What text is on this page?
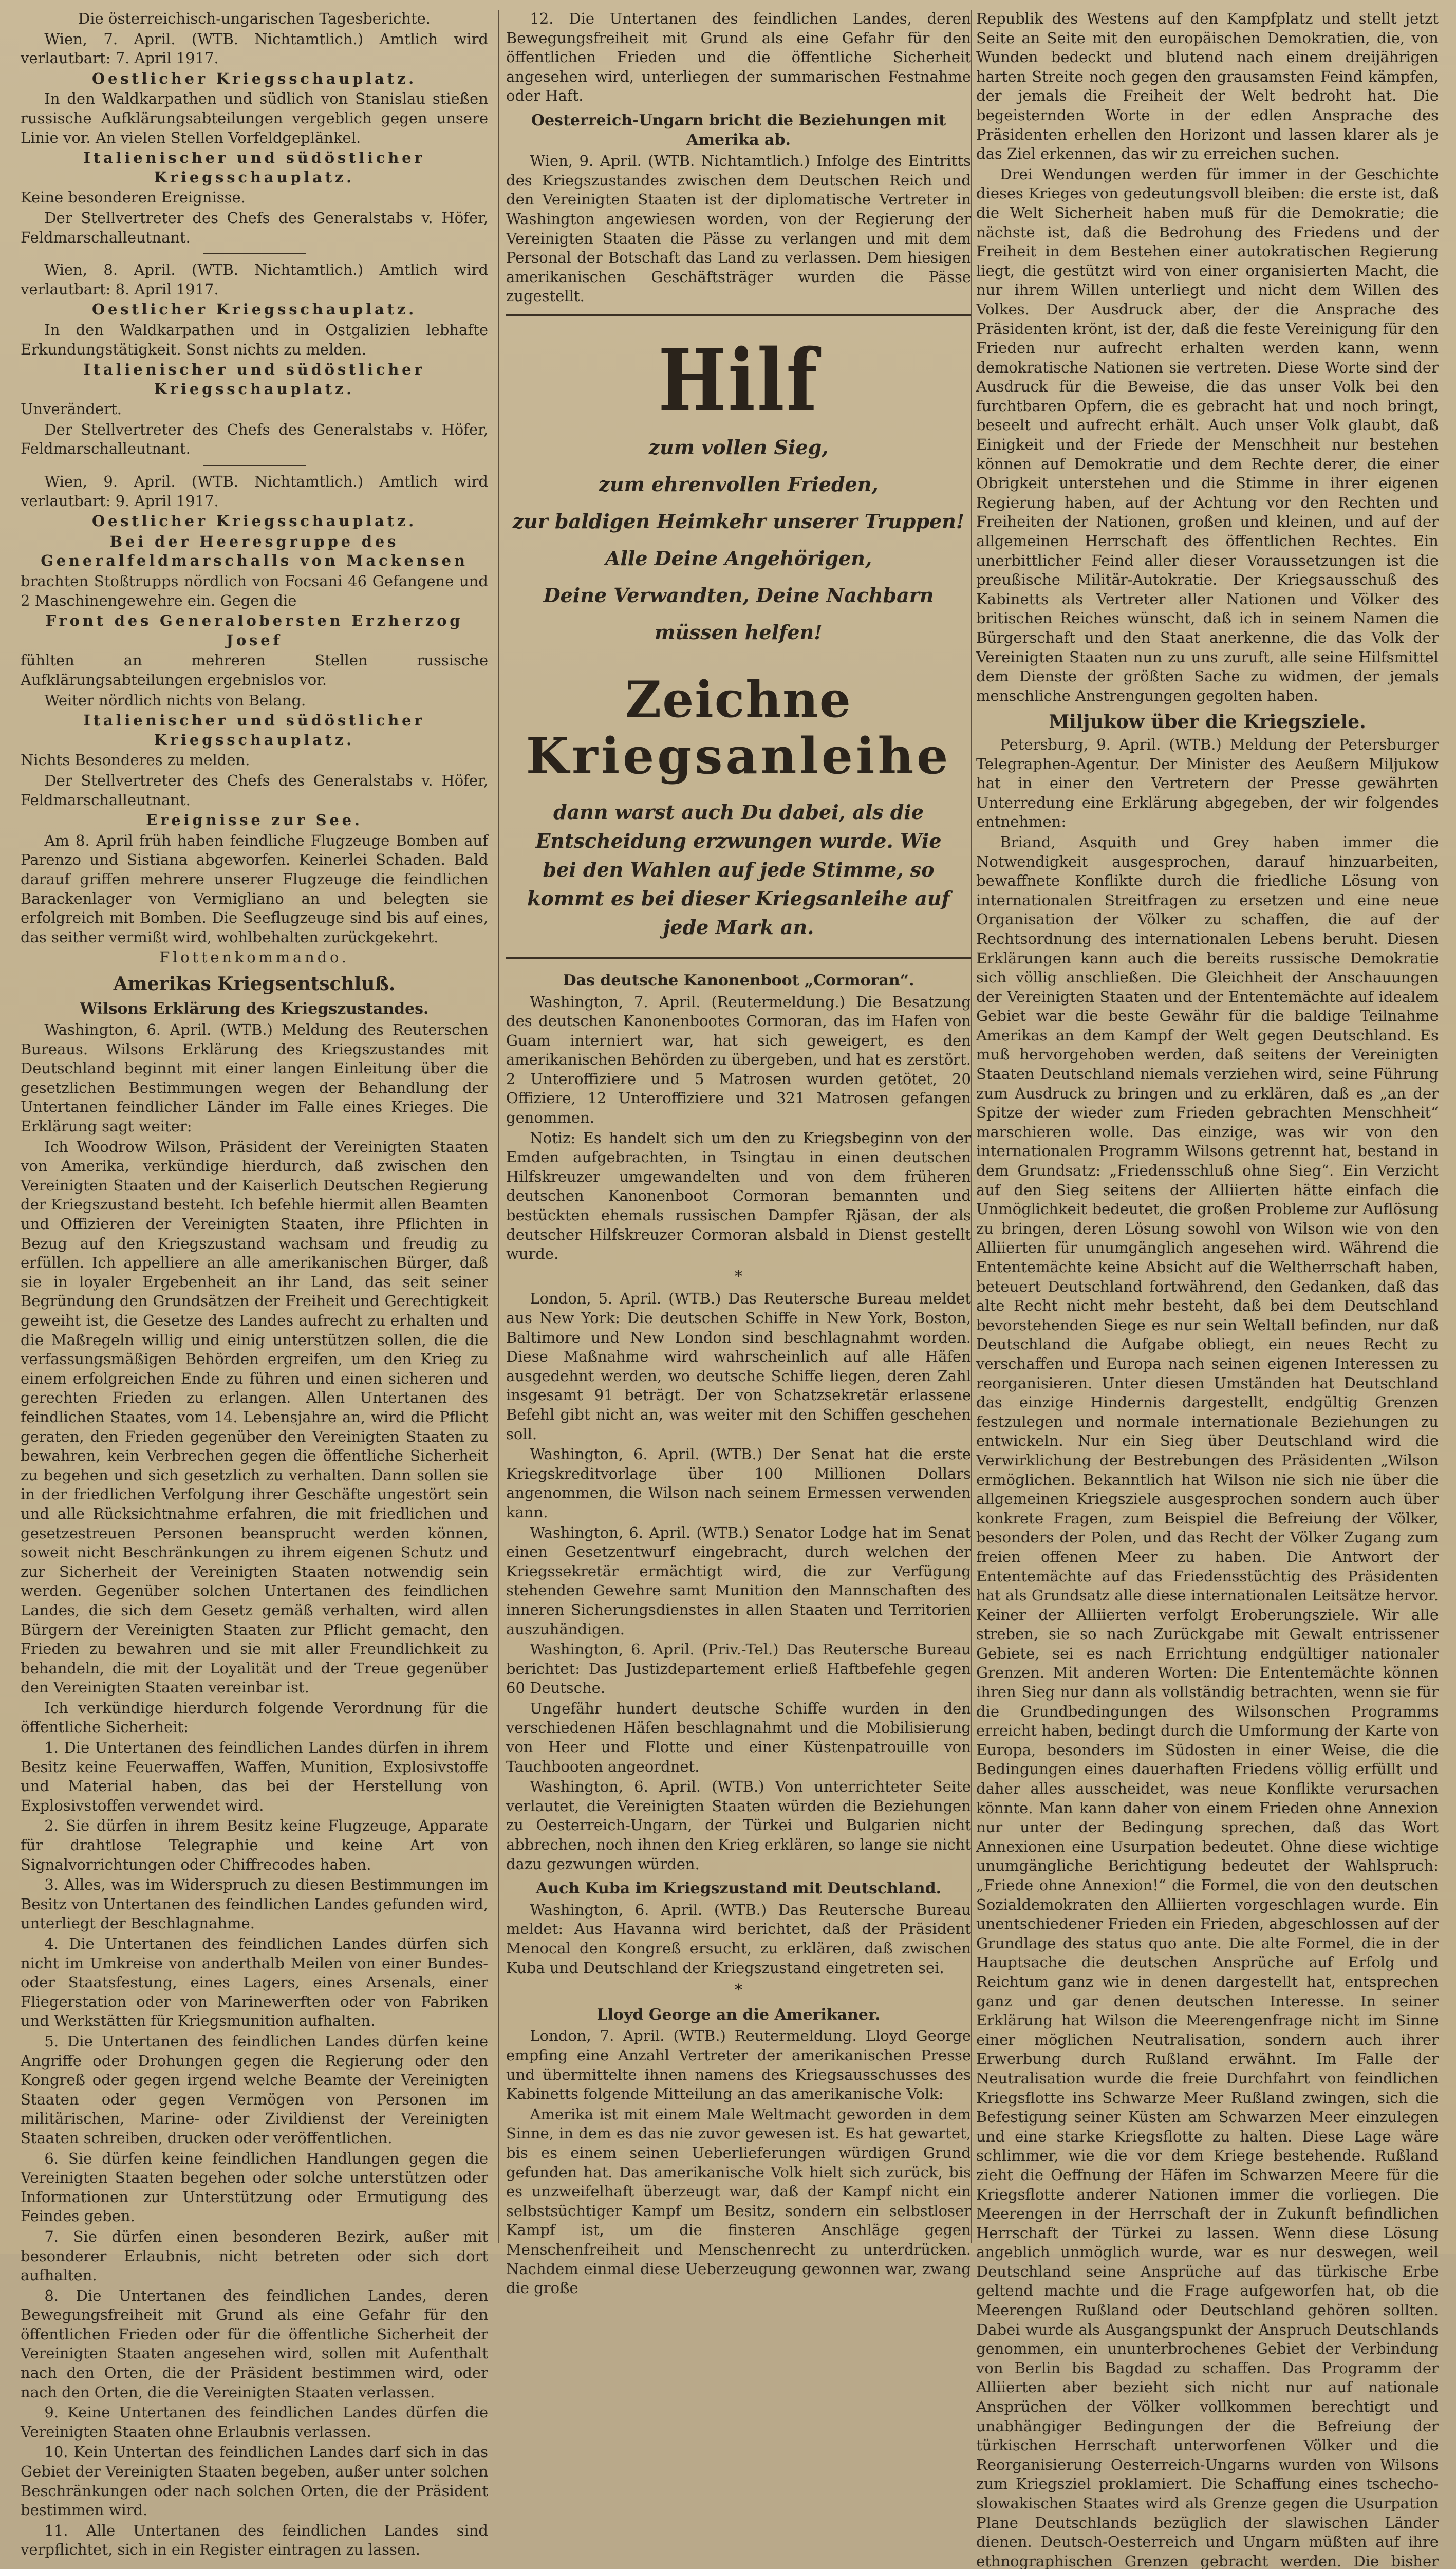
Die österreichisch-ungarischen Tagesberichte.

Wien, 7. April. (WTB. Nichtamtlich.) Amtlich wird verlautbart: 7. April 1917.

Oestlicher Kriegsschauplatz.

In den Waldkarpathen und südlich von Stanislau stießen russische Aufklärungsabteilungen vergeblich gegen unsere Linie vor. An vielen Stellen Vorfeldgeplänkel.

Italienischer und südöstlicher Kriegsschauplatz.

Keine besonderen Ereignisse.

Der Stellvertreter des Chefs des Generalstabs v. Höfer, Feldmarschalleutnant.

Wien, 8. April. (WTB. Nichtamtlich.) Amtlich wird verlautbart: 8. April 1917.

Oestlicher Kriegsschauplatz.

In den Waldkarpathen und in Ostgalizien lebhafte Erkundungstätigkeit. Sonst nichts zu melden.

Italienischer und südöstlicher Kriegsschauplatz.

Unverändert.

Der Stellvertreter des Chefs des Generalstabs v. Höfer, Feldmarschalleutnant.

Wien, 9. April. (WTB. Nichtamtlich.) Amtlich wird verlautbart: 9. April 1917.

Oestlicher Kriegsschauplatz.

Bei der Heeresgruppe des Generalfeldmarschalls von Mackensen

brachten Stoßtrupps nördlich von Focsani 46 Gefangene und 2 Maschinengewehre ein. Gegen die

Front des Generalobersten Erzherzog Josef

fühlten an mehreren Stellen russische Aufklärungsabteilungen ergebnislos vor.

Weiter nördlich nichts von Belang.

Italienischer und südöstlicher Kriegsschauplatz.

Nichts Besonderes zu melden.

Der Stellvertreter des Chefs des Generalstabs v. Höfer, Feldmarschalleutnant.

Ereignisse zur See.

Am 8. April früh haben feindliche Flugzeuge Bomben auf Parenzo und Sistiana abgeworfen. Keinerlei Schaden. Bald darauf griffen mehrere unserer Flugzeuge die feindlichen Barackenlager von Vermigliano an und belegten sie erfolgreich mit Bomben. Die Seeflugzeuge sind bis auf eines, das seither vermißt wird, wohlbehalten zurückgekehrt.

Flottenkommando.

Amerikas Kriegsentschluß.
Wilsons Erklärung des Kriegszustandes.

Washington, 6. April. (WTB.) Meldung des Reuterschen Bureaus. Wilsons Erklärung des Kriegszustandes mit Deutschland beginnt mit einer langen Einleitung über die gesetzlichen Bestimmungen wegen der Behandlung der Untertanen feindlicher Länder im Falle eines Krieges. Die Erklärung sagt weiter:

Ich Woodrow Wilson, Präsident der Vereinigten Staaten von Amerika, verkündige hierdurch, daß zwischen den Vereinigten Staaten und der Kaiserlich Deutschen Regierung der Kriegszustand besteht. Ich befehle hiermit allen Beamten und Offizieren der Vereinigten Staaten, ihre Pflichten in Bezug auf den Kriegszustand wachsam und freudig zu erfüllen. Ich appelliere an alle amerikanischen Bürger, daß sie in loyaler Ergebenheit an ihr Land, das seit seiner Begründung den Grundsätzen der Freiheit und Gerechtigkeit geweiht ist, die Gesetze des Landes aufrecht zu erhalten und die Maßregeln willig und einig unterstützen sollen, die die verfassungsmäßigen Behörden ergreifen, um den Krieg zu einem erfolgreichen Ende zu führen und einen sicheren und gerechten Frieden zu erlangen. Allen Untertanen des feindlichen Staates, vom 14. Lebensjahre an, wird die Pflicht geraten, den Frieden gegenüber den Vereinigten Staaten zu bewahren, kein Verbrechen gegen die öffentliche Sicherheit zu begehen und sich gesetzlich zu verhalten. Dann sollen sie in der friedlichen Verfolgung ihrer Geschäfte ungestört sein und alle Rücksichtnahme erfahren, die mit friedlichen und gesetzestreuen Personen beansprucht werden können, soweit nicht Beschränkungen zu ihrem eigenen Schutz und zur Sicherheit der Vereinigten Staaten notwendig sein werden. Gegenüber solchen Untertanen des feindlichen Landes, die sich dem Gesetz gemäß verhalten, wird allen Bürgern der Vereinigten Staaten zur Pflicht gemacht, den Frieden zu bewahren und sie mit aller Freundlichkeit zu behandeln, die mit der Loyalität und der Treue gegenüber den Vereinigten Staaten vereinbar ist.

Ich verkündige hierdurch folgende Verordnung für die öffentliche Sicherheit:

1. Die Untertanen des feindlichen Landes dürfen in ihrem Besitz keine Feuerwaffen, Waffen, Munition, Explosivstoffe und Material haben, das bei der Herstellung von Explosivstoffen verwendet wird.

2. Sie dürfen in ihrem Besitz keine Flugzeuge, Apparate für drahtlose Telegraphie und keine Art von Signalvorrichtungen oder Chiffrecodes haben.

3. Alles, was im Widerspruch zu diesen Bestimmungen im Besitz von Untertanen des feindlichen Landes gefunden wird, unterliegt der Beschlagnahme.

4. Die Untertanen des feindlichen Landes dürfen sich nicht im Umkreise von anderthalb Meilen von einer Bundes- oder Staatsfestung, eines Lagers, eines Arsenals, einer Fliegerstation oder von Marinewerften oder von Fabriken und Werkstätten für Kriegsmunition aufhalten.

5. Die Untertanen des feindlichen Landes dürfen keine Angriffe oder Drohungen gegen die Regierung oder den Kongreß oder gegen irgend welche Beamte der Vereinigten Staaten oder gegen Vermögen von Personen im militärischen, Marine- oder Zivildienst der Vereinigten Staaten schreiben, drucken oder veröffentlichen.

6. Sie dürfen keine feindlichen Handlungen gegen die Vereinigten Staaten begehen oder solche unterstützen oder Informationen zur Unterstützung oder Ermutigung des Feindes geben.

7. Sie dürfen einen besonderen Bezirk, außer mit besonderer Erlaubnis, nicht betreten oder sich dort aufhalten.

8. Die Untertanen des feindlichen Landes, deren Bewegungsfreiheit mit Grund als eine Gefahr für den öffentlichen Frieden oder für die öffentliche Sicherheit der Vereinigten Staaten angesehen wird, sollen mit Aufenthalt nach den Orten, die der Präsident bestimmen wird, oder nach den Orten, die die Vereinigten Staaten verlassen.

9. Keine Untertanen des feindlichen Landes dürfen die Vereinigten Staaten ohne Erlaubnis verlassen.

10. Kein Untertan des feindlichen Landes darf sich in das Gebiet der Vereinigten Staaten begeben, außer unter solchen Beschränkungen oder nach solchen Orten, die der Präsident bestimmen wird.

11. Alle Untertanen des feindlichen Landes sind verpflichtet, sich in ein Register eintragen zu lassen.

12. Die Untertanen des feindlichen Landes, deren Bewegungsfreiheit mit Grund als eine Gefahr für den öffentlichen Frieden und die öffentliche Sicherheit angesehen wird, unterliegen der summarischen Festnahme oder Haft.

Oesterreich-Ungarn bricht die Beziehungen mit Amerika ab.

Wien, 9. April. (WTB. Nichtamtlich.) Infolge des Eintritts des Kriegszustandes zwischen dem Deutschen Reich und den Vereinigten Staaten ist der diplomatische Vertreter in Washington angewiesen worden, von der Regierung der Vereinigten Staaten die Pässe zu verlangen und mit dem Personal der Botschaft das Land zu verlassen. Dem hiesigen amerikanischen Geschäftsträger wurden die Pässe zugestellt.

Hilf
zum vollen Sieg,
zum ehrenvollen Frieden,
zur baldigen Heimkehr unserer Truppen!
Alle Deine Angehörigen,
Deine Verwandten, Deine Nachbarn
müssen helfen!
Zeichne
Kriegsanleihe
dann warst auch Du dabei, als die Entscheidung erzwungen wurde. Wie bei den Wahlen auf jede Stimme, so kommt es bei dieser Kriegsanleihe auf jede Mark an.
Das deutsche Kanonenboot „Cormoran“.

Washington, 7. April. (Reutermeldung.) Die Besatzung des deutschen Kanonenbootes Cormoran, das im Hafen von Guam interniert war, hat sich geweigert, es den amerikanischen Behörden zu übergeben, und hat es zerstört. 2 Unteroffiziere und 5 Matrosen wurden getötet, 20 Offiziere, 12 Unteroffiziere und 321 Matrosen gefangen genommen.

Notiz: Es handelt sich um den zu Kriegsbeginn von der Emden aufgebrachten, in Tsingtau in einen deutschen Hilfskreuzer umgewandelten und von dem früheren deutschen Kanonenboot Cormoran bemannten und bestückten ehemals russischen Dampfer Rjäsan, der als deutscher Hilfskreuzer Cormoran alsbald in Dienst gestellt wurde.

*

London, 5. April. (WTB.) Das Reutersche Bureau meldet aus New York: Die deutschen Schiffe in New York, Boston, Baltimore und New London sind beschlagnahmt worden. Diese Maßnahme wird wahrscheinlich auf alle Häfen ausgedehnt werden, wo deutsche Schiffe liegen, deren Zahl insgesamt 91 beträgt. Der von Schatzsekretär erlassene Befehl gibt nicht an, was weiter mit den Schiffen geschehen soll.

Washington, 6. April. (WTB.) Der Senat hat die erste Kriegskreditvorlage über 100 Millionen Dollars angenommen, die Wilson nach seinem Ermessen verwenden kann.

Washington, 6. April. (WTB.) Senator Lodge hat im Senat einen Gesetzentwurf eingebracht, durch welchen der Kriegssekretär ermächtigt wird, die zur Verfügung stehenden Gewehre samt Munition den Mannschaften des inneren Sicherungsdienstes in allen Staaten und Territorien auszuhändigen.

Washington, 6. April. (Priv.-Tel.) Das Reutersche Bureau berichtet: Das Justizdepartement erließ Haftbefehle gegen 60 Deutsche.

Ungefähr hundert deutsche Schiffe wurden in den verschiedenen Häfen beschlagnahmt und die Mobilisierung von Heer und Flotte und einer Küstenpatrouille von Tauchbooten angeordnet.

Washington, 6. April. (WTB.) Von unterrichteter Seite verlautet, die Vereinigten Staaten würden die Beziehungen zu Oesterreich-Ungarn, der Türkei und Bulgarien nicht abbrechen, noch ihnen den Krieg erklären, so lange sie nicht dazu gezwungen würden.

Auch Kuba im Kriegszustand mit Deutschland.

Washington, 6. April. (WTB.) Das Reutersche Bureau meldet: Aus Havanna wird berichtet, daß der Präsident Menocal den Kongreß ersucht, zu erklären, daß zwischen Kuba und Deutschland der Kriegszustand eingetreten sei.

*
Lloyd George an die Amerikaner.

London, 7. April. (WTB.) Reutermeldung. Lloyd George empfing eine Anzahl Vertreter der amerikanischen Presse und übermittelte ihnen namens des Kriegsausschusses des Kabinetts folgende Mitteilung an das amerikanische Volk:

Amerika ist mit einem Male Weltmacht geworden in dem Sinne, in dem es das nie zuvor gewesen ist. Es hat gewartet, bis es einem seinen Ueberlieferungen würdigen Grund gefunden hat. Das amerikanische Volk hielt sich zurück, bis es unzweifelhaft überzeugt war, daß der Kampf nicht ein selbstsüchtiger Kampf um Besitz, sondern ein selbstloser Kampf ist, um die finsteren Anschläge gegen Menschenfreiheit und Menschenrecht zu unterdrücken. Nachdem einmal diese Ueberzeugung gewonnen war, zwang die große

Republik des Westens auf den Kampfplatz und stellt jetzt Seite an Seite mit den europäischen Demokratien, die, von Wunden bedeckt und blutend nach einem dreijährigen harten Streite noch gegen den grausamsten Feind kämpfen, der jemals die Freiheit der Welt bedroht hat. Die begeisternden Worte in der edlen Ansprache des Präsidenten erhellen den Horizont und lassen klarer als je das Ziel erkennen, das wir zu erreichen suchen.

Drei Wendungen werden für immer in der Geschichte dieses Krieges von gedeutungsvoll bleiben: die erste ist, daß die Welt Sicherheit haben muß für die Demokratie; die nächste ist, daß die Bedrohung des Friedens und der Freiheit in dem Bestehen einer autokratischen Regierung liegt, die gestützt wird von einer organisierten Macht, die nur ihrem Willen unterliegt und nicht dem Willen des Volkes. Der Ausdruck aber, der die Ansprache des Präsidenten krönt, ist der, daß die feste Vereinigung für den Frieden nur aufrecht erhalten werden kann, wenn demokratische Nationen sie vertreten. Diese Worte sind der Ausdruck für die Beweise, die das unser Volk bei den furchtbaren Opfern, die es gebracht hat und noch bringt, beseelt und aufrecht erhält. Auch unser Volk glaubt, daß Einigkeit und der Friede der Menschheit nur bestehen können auf Demokratie und dem Rechte derer, die einer Obrigkeit unterstehen und die Stimme in ihrer eigenen Regierung haben, auf der Achtung vor den Rechten und Freiheiten der Nationen, großen und kleinen, und auf der allgemeinen Herrschaft des öffentlichen Rechtes. Ein unerbittlicher Feind aller dieser Voraussetzungen ist die preußische Militär-Autokratie. Der Kriegsausschuß des Kabinetts als Vertreter aller Nationen und Völker des britischen Reiches wünscht, daß ich in seinem Namen die Bürgerschaft und den Staat anerkenne, die das Volk der Vereinigten Staaten nun zu uns zuruft, alle seine Hilfsmittel dem Dienste der größten Sache zu widmen, der jemals menschliche Anstrengungen gegolten haben.

Miljukow über die Kriegsziele.

Petersburg, 9. April. (WTB.) Meldung der Petersburger Telegraphen-Agentur. Der Minister des Aeußern Miljukow hat in einer den Vertretern der Presse gewährten Unterredung eine Erklärung abgegeben, der wir folgendes entnehmen:

Briand, Asquith und Grey haben immer die Notwendigkeit ausgesprochen, darauf hinzuarbeiten, bewaffnete Konflikte durch die friedliche Lösung von internationalen Streitfragen zu ersetzen und eine neue Organisation der Völker zu schaffen, die auf der Rechtsordnung des internationalen Lebens beruht. Diesen Erklärungen kann auch die bereits russische Demokratie sich völlig anschließen. Die Gleichheit der Anschauungen der Vereinigten Staaten und der Ententemächte auf idealem Gebiet war die beste Gewähr für die baldige Teilnahme Amerikas an dem Kampf der Welt gegen Deutschland. Es muß hervorgehoben werden, daß seitens der Vereinigten Staaten Deutschland niemals verziehen wird, seine Führung zum Ausdruck zu bringen und zu erklären, daß es „an der Spitze der wieder zum Frieden gebrachten Menschheit“ marschieren wolle. Das einzige, was wir von den internationalen Programm Wilsons getrennt hat, bestand in dem Grundsatz: „Friedensschluß ohne Sieg“. Ein Verzicht auf den Sieg seitens der Alliierten hätte einfach die Unmöglichkeit bedeutet, die großen Probleme zur Auflösung zu bringen, deren Lösung sowohl von Wilson wie von den Alliierten für unumgänglich angesehen wird. Während die Ententemächte keine Absicht auf die Weltherrschaft haben, beteuert Deutschland fortwährend, den Gedanken, daß das alte Recht nicht mehr besteht, daß bei dem Deutschland bevorstehenden Siege es nur sein Weltall befinden, nur daß Deutschland die Aufgabe obliegt, ein neues Recht zu verschaffen und Europa nach seinen eigenen Interessen zu reorganisieren. Unter diesen Umständen hat Deutschland das einzige Hindernis dargestellt, endgültig Grenzen festzulegen und normale internationale Beziehungen zu entwickeln. Nur ein Sieg über Deutschland wird die Verwirklichung der Bestrebungen des Präsidenten „Wilson ermöglichen. Bekanntlich hat Wilson nie sich nie über die allgemeinen Kriegsziele ausgesprochen sondern auch über konkrete Fragen, zum Beispiel die Befreiung der Völker, besonders der Polen, und das Recht der Völker Zugang zum freien offenen Meer zu haben. Die Antwort der Ententemächte auf das Friedensstüchtig des Präsidenten hat als Grundsatz alle diese internationalen Leitsätze hervor. Keiner der Alliierten verfolgt Eroberungsziele. Wir alle streben, sie so nach Zurückgabe mit Gewalt entrissener Gebiete, sei es nach Errichtung endgültiger nationaler Grenzen. Mit anderen Worten: Die Ententemächte können ihren Sieg nur dann als vollständig betrachten, wenn sie für die Grundbedingungen des Wilsonschen Programms erreicht haben, bedingt durch die Umformung der Karte von Europa, besonders im Südosten in einer Weise, die die Bedingungen eines dauerhaften Friedens völlig erfüllt und daher alles ausscheidet, was neue Konflikte verursachen könnte. Man kann daher von einem Frieden ohne Annexion nur unter der Bedingung sprechen, daß das Wort Annexionen eine Usurpation bedeutet. Ohne diese wichtige unumgängliche Berichtigung bedeutet der Wahlspruch: „Friede ohne Annexion!“ die Formel, die von den deutschen Sozialdemokraten den Alliierten vorgeschlagen wurde. Ein unentschiedener Frieden ein Frieden, abgeschlossen auf der Grundlage des status quo ante. Die alte Formel, die in der Hauptsache die deutschen Ansprüche auf Erfolg und Reichtum ganz wie in denen dargestellt hat, entsprechen ganz und gar denen deutschen Interesse. In seiner Erklärung hat Wilson die Meerengenfrage nicht im Sinne einer möglichen Neutralisation, sondern auch ihrer Erwerbung durch Rußland erwähnt. Im Falle der Neutralisation wurde die freie Durchfahrt von feindlichen Kriegsflotte ins Schwarze Meer Rußland zwingen, sich die Befestigung seiner Küsten am Schwarzen Meer einzulegen und eine starke Kriegsflotte zu halten. Diese Lage wäre schlimmer, wie die vor dem Kriege bestehende. Rußland zieht die Oeffnung der Häfen im Schwarzen Meere für die Kriegsflotte anderer Nationen immer die vorliegen. Die Meerengen in der Herrschaft der in Zukunft befindlichen Herrschaft der Türkei zu lassen. Wenn diese Lösung angeblich unmöglich wurde, war es nur deswegen, weil Deutschland seine Ansprüche auf das türkische Erbe geltend machte und die Frage aufgeworfen hat, ob die Meerengen Rußland oder Deutschland gehören sollten. Dabei wurde als Ausgangspunkt der Anspruch Deutschlands genommen, ein ununterbrochenes Gebiet der Verbindung von Berlin bis Bagdad zu schaffen. Das Programm der Alliierten aber bezieht sich nicht nur auf nationale Ansprüchen der Völker vollkommen berechtigt und unabhängiger Bedingungen der die Befreiung der türkischen Herrschaft unterworfenen Völker und die Reorganisierung Oesterreich-Ungarns wurden von Wilsons zum Kriegsziel proklamiert. Die Schaffung eines tschecho-slowakischen Staates wird als Grenze gegen die Usurpation Plane Deutschlands bezüglich der slawischen Länder dienen. Deutsch-Oesterreich und Ungarn müßten auf ihre ethnographischen Grenzen gebracht werden. Die bisher
